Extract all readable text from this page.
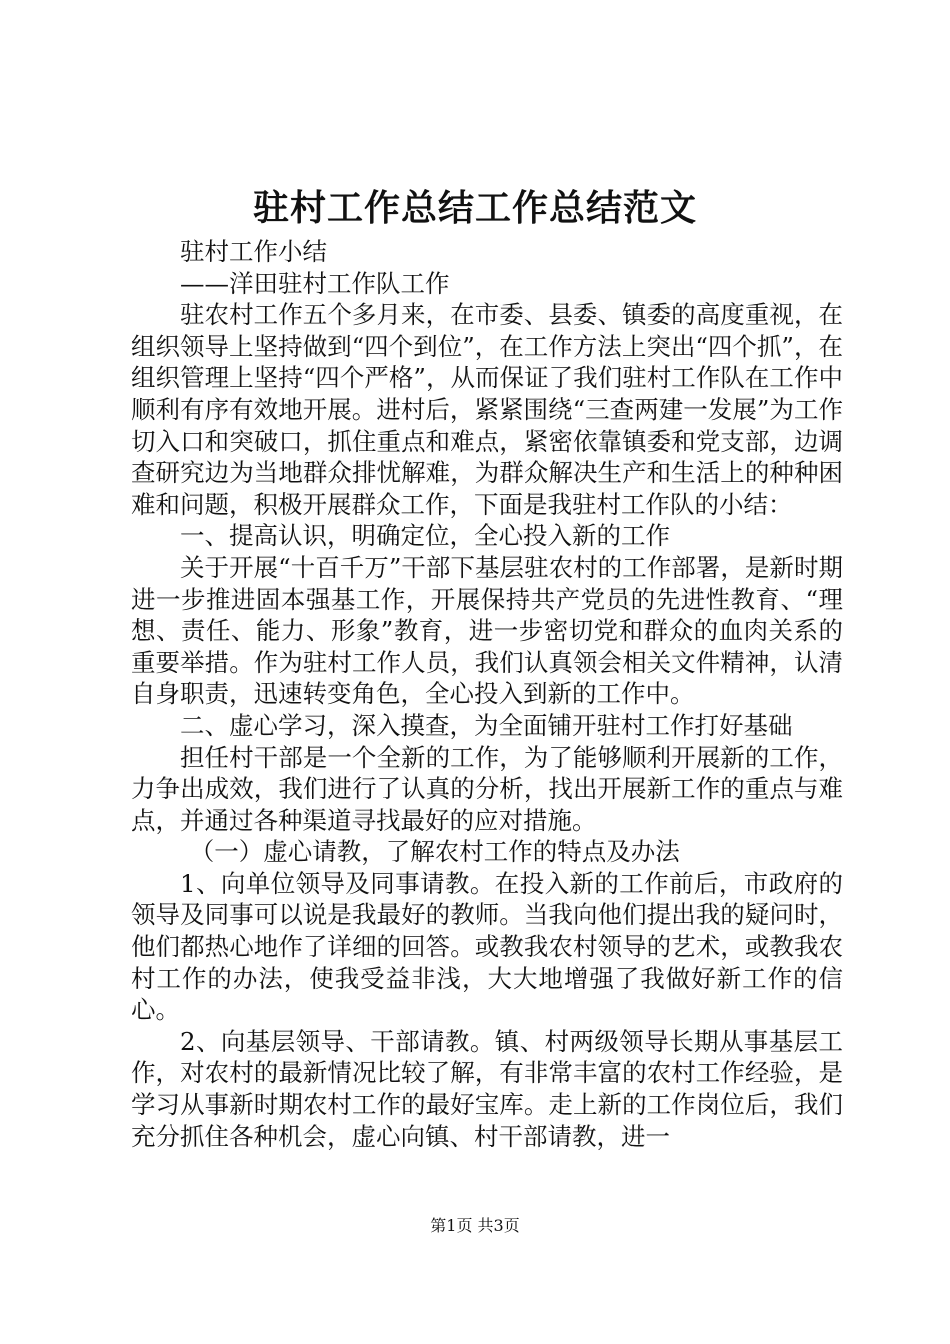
驻村工作总结工作总结范文

驻村工作小结

——洋田驻村工作队工作

驻农村工作五个多月来，在市委、县委、镇委的高度重视，在组织领导上坚持做到“四个到位”，在工作方法上突出“四个抓”，在组织管理上坚持“四个严格”，从而保证了我们驻村工作队在工作中顺利有序有效地开展。进村后，紧紧围绕“三查两建一发展”为工作切入口和突破口，抓住重点和难点，紧密依靠镇委和党支部，边调查研究边为当地群众排忧解难，为群众解决生产和生活上的种种困难和问题，积极开展群众工作，下面是我驻村工作队的小结：

一、提高认识，明确定位，全心投入新的工作

关于开展“十百千万”干部下基层驻农村的工作部署，是新时期进一步推进固本强基工作，开展保持共产党员的先进性教育、“理想、责任、能力、形象”教育，进一步密切党和群众的血肉关系的重要举措。作为驻村工作人员，我们认真领会相关文件精神，认清自身职责，迅速转变角色，全心投入到新的工作中。

二、虚心学习，深入摸查，为全面铺开驻村工作打好基础

担任村干部是一个全新的工作，为了能够顺利开展新的工作，力争出成效，我们进行了认真的分析，找出开展新工作的重点与难点，并通过各种渠道寻找最好的应对措施。

（一）虚心请教，了解农村工作的特点及办法

1、向单位领导及同事请教。在投入新的工作前后，市政府的领导及同事可以说是我最好的教师。当我向他们提出我的疑问时，他们都热心地作了详细的回答。或教我农村领导的艺术，或教我农村工作的办法，使我受益非浅，大大地增强了我做好新工作的信心。

2、向基层领导、干部请教。镇、村两级领导长期从事基层工作，对农村的最新情况比较了解，有非常丰富的农村工作经验，是学习从事新时期农村工作的最好宝库。走上新的工作岗位后，我们充分抓住各种机会，虚心向镇、村干部请教，进一

第1页 共3页
